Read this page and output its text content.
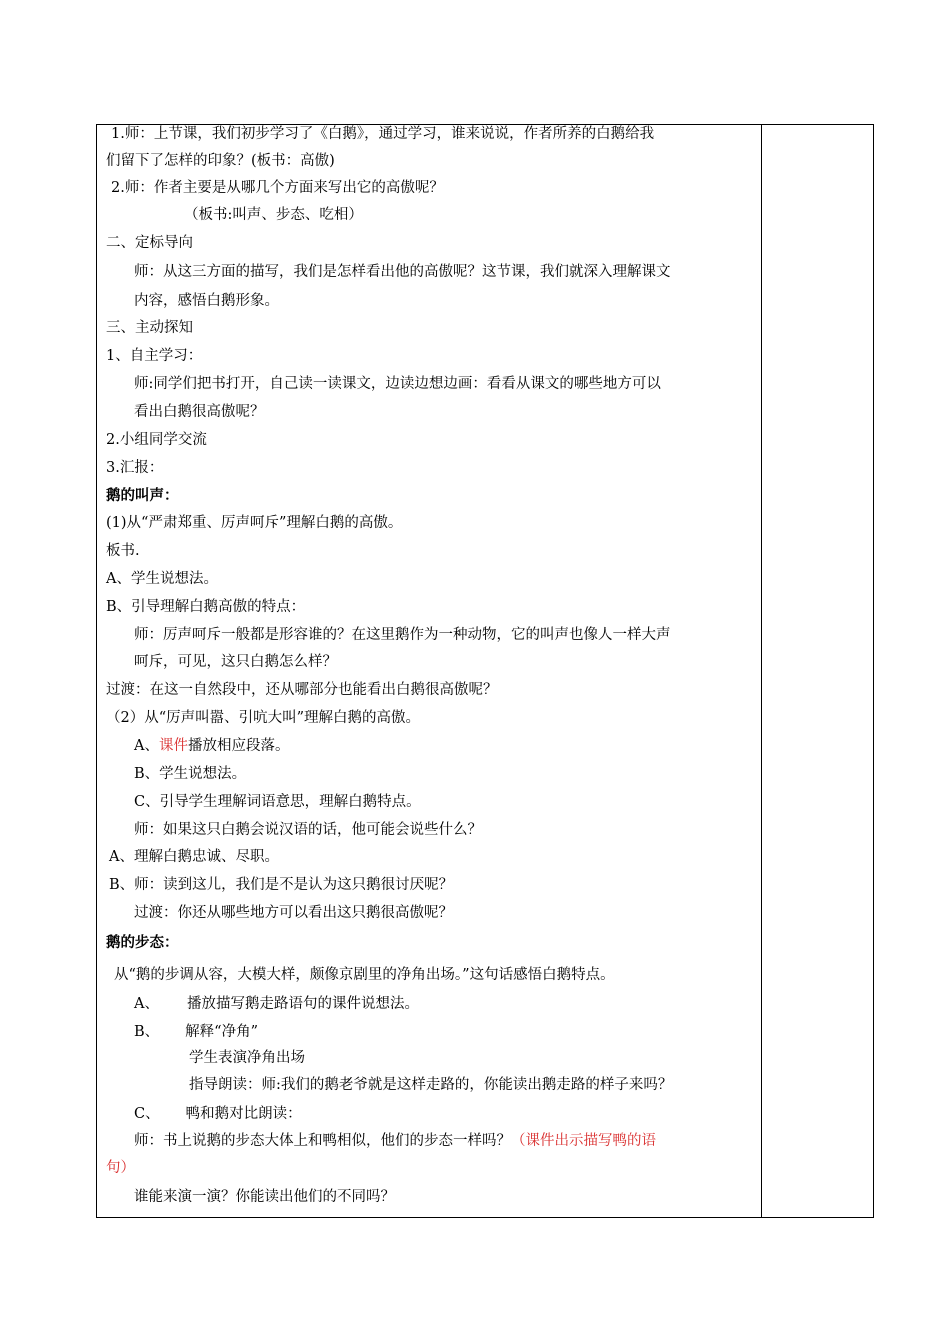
1.师：上节课，我们初步学习了《白鹅》，通过学习，谁来说说，作者所养的白鹅给我
们留下了怎样的印象？(板书：高傲)
2.师：作者主要是从哪几个方面来写出它的高傲呢？
（板书:叫声、步态、吃相）
二、定标导向
师：从这三方面的描写，我们是怎样看出他的高傲呢？这节课，我们就深入理解课文
内容，感悟白鹅形象。
三、主动探知
1、自主学习：
师:同学们把书打开，自己读一读课文，边读边想边画：看看从课文的哪些地方可以
看出白鹅很高傲呢？
2.小组同学交流
3.汇报：
鹅的叫声：
(1)从“严肃郑重、厉声呵斥”理解白鹅的高傲。
板书.
A、学生说想法。
B、引导理解白鹅高傲的特点：
师：厉声呵斥一般都是形容谁的？在这里鹅作为一种动物，它的叫声也像人一样大声
呵斥，可见，这只白鹅怎么样？
过渡：在这一自然段中，还从哪部分也能看出白鹅很高傲呢？
（2）从“厉声叫嚣、引吭大叫”理解白鹅的高傲。
A、课件播放相应段落。
B、学生说想法。
C、引导学生理解词语意思，理解白鹅特点。
师：如果这只白鹅会说汉语的话，他可能会说些什么？
A、理解白鹅忠诚、尽职。
B、师：读到这儿，我们是不是认为这只鹅很讨厌呢？
过渡：你还从哪些地方可以看出这只鹅很高傲呢？
鹅的步态：
从“鹅的步调从容，大模大样，颇像京剧里的净角出场。”这句话感悟白鹅特点。
A、 播放描写鹅走路语句的课件说想法。
B、 解释“净角”
学生表演净角出场
指导朗读：师:我们的鹅老爷就是这样走路的，你能读出鹅走路的样子来吗？
C、 鸭和鹅对比朗读：
师：书上说鹅的步态大体上和鸭相似，他们的步态一样吗？（课件出示描写鸭的语
句）
谁能来演一演？你能读出他们的不同吗？
